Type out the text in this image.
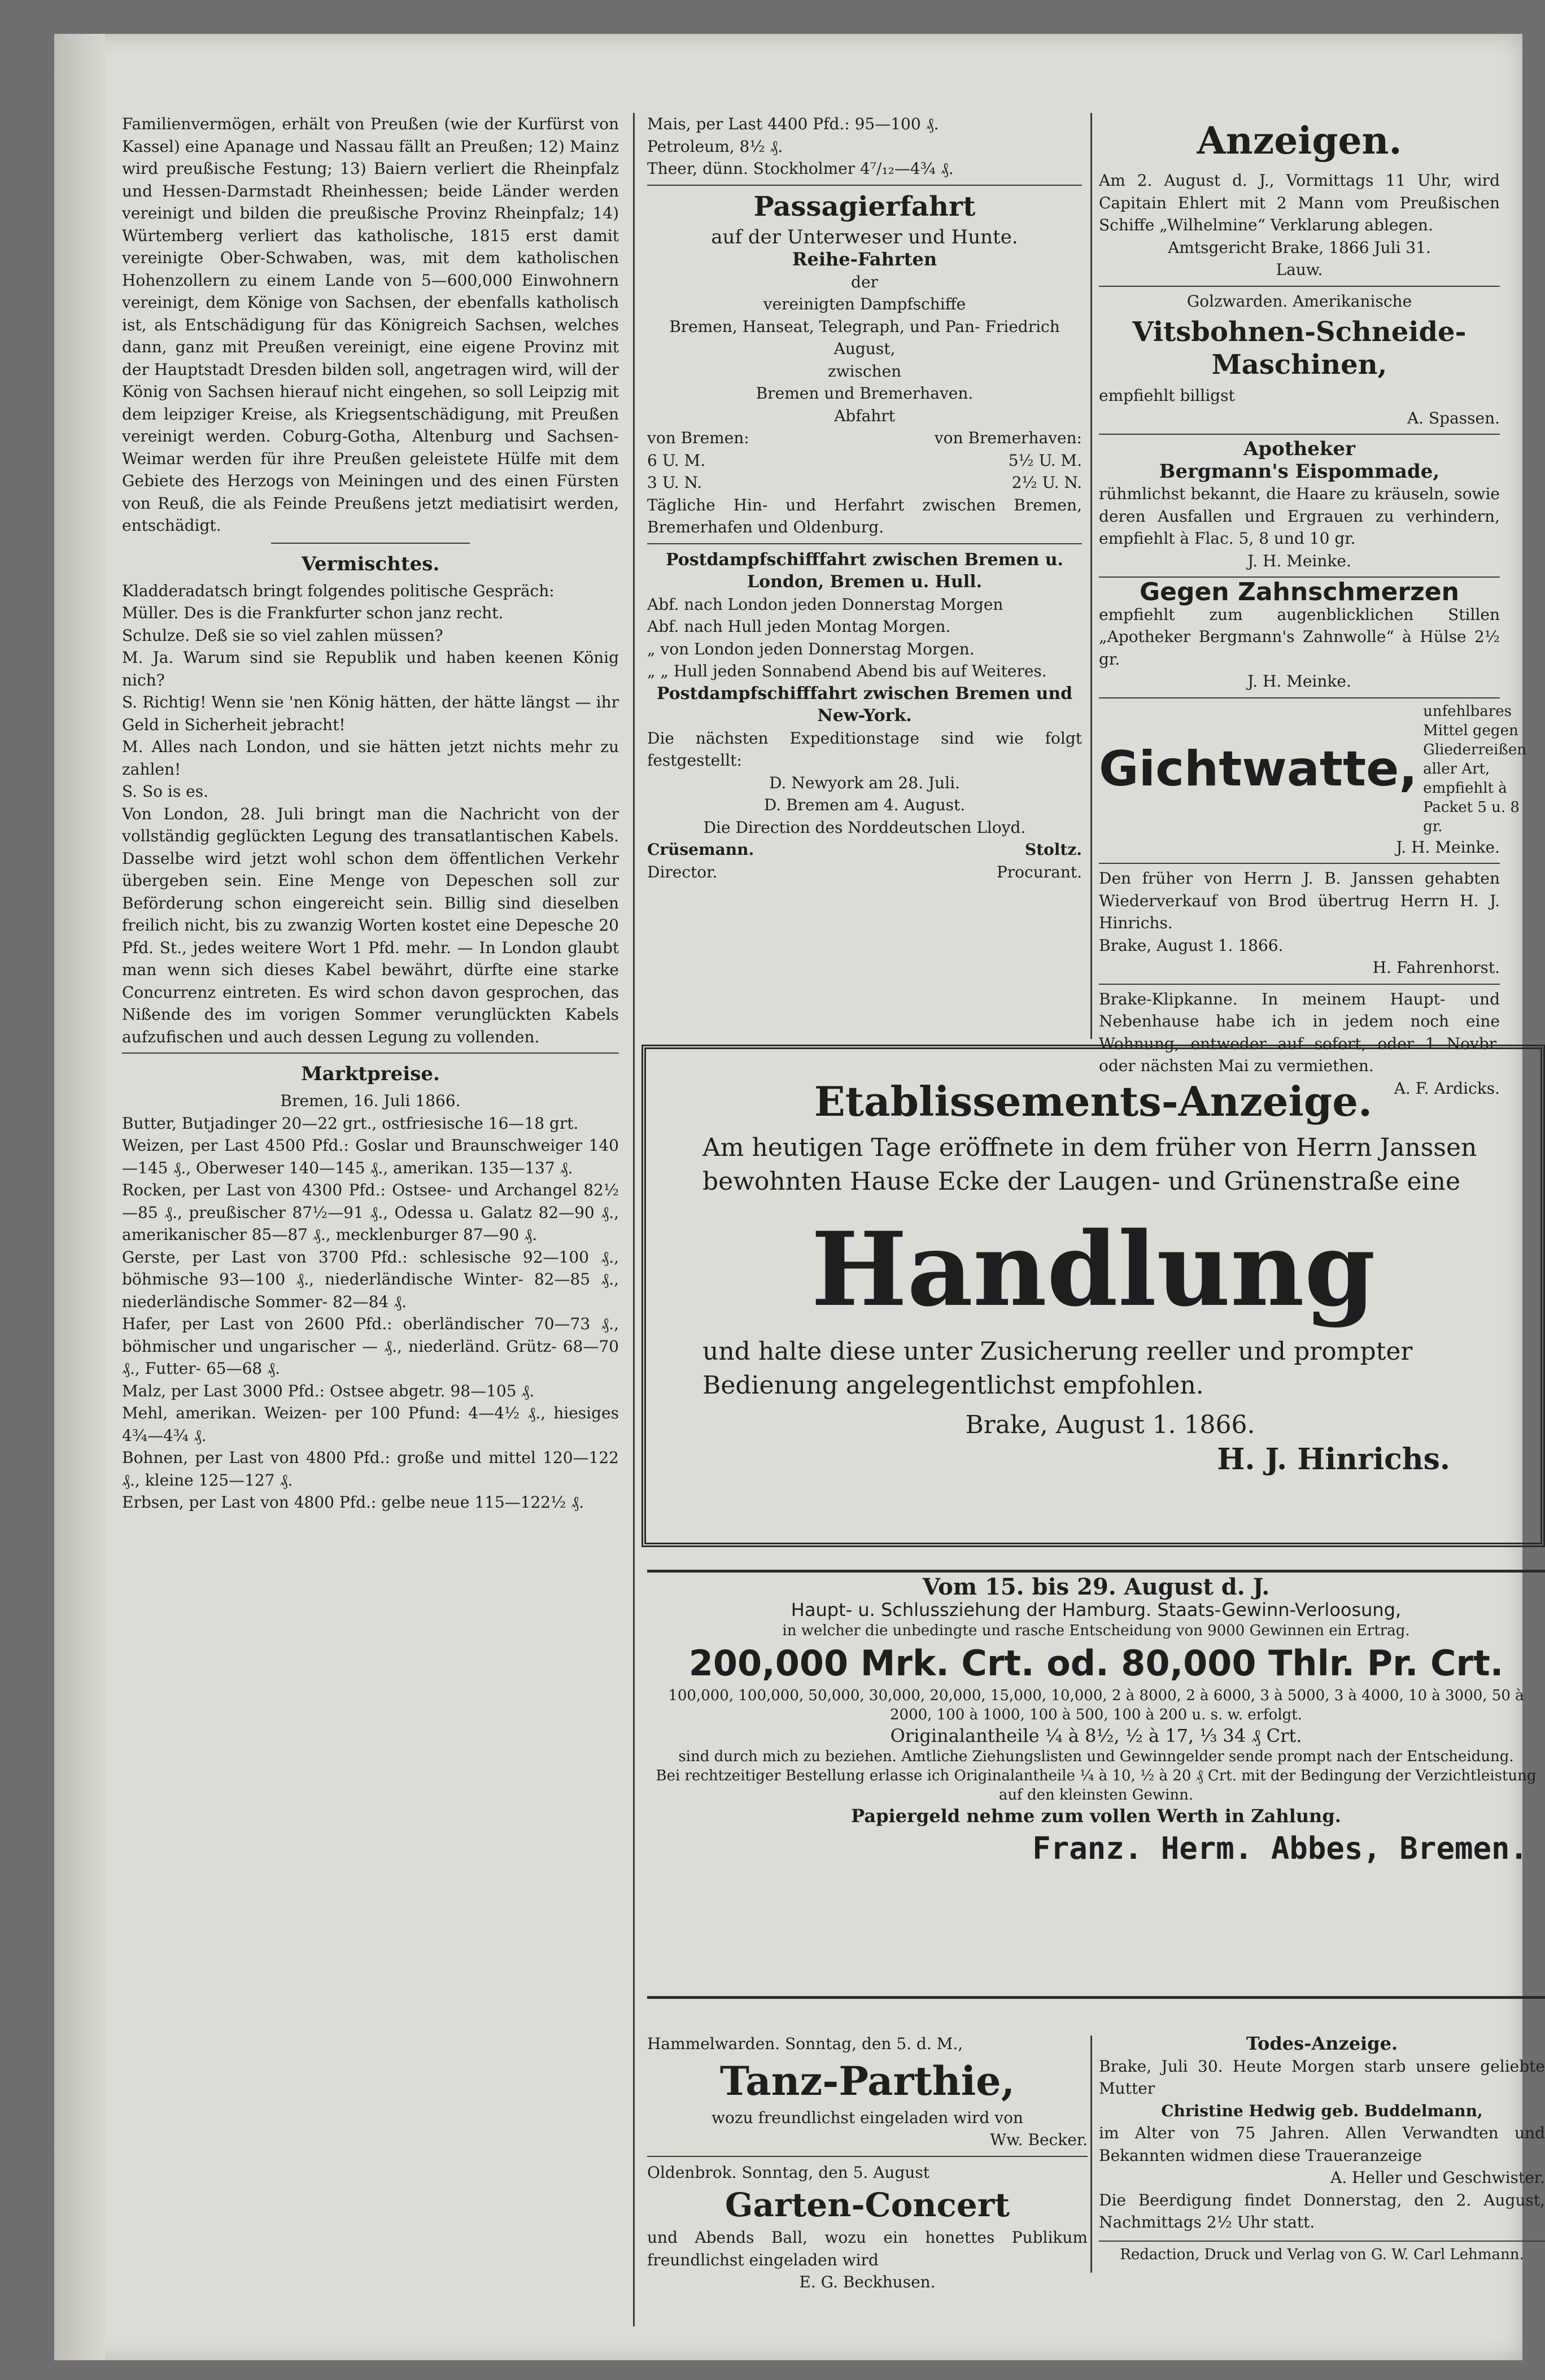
Familienvermögen, erhält von Preußen (wie der Kurfürst von Kassel) eine Apanage und Nassau fällt an Preußen; 12) Mainz wird preußische Festung; 13) Baiern verliert die Rheinpfalz und Hessen-Darmstadt Rheinhessen; beide Länder werden vereinigt und bilden die preußische Provinz Rheinpfalz; 14) Würtemberg verliert das katholische, 1815 erst damit vereinigte Ober-Schwaben, was, mit dem katholischen Hohenzollern zu einem Lande von 5—600,000 Einwohnern vereinigt, dem Könige von Sachsen, der ebenfalls katholisch ist, als Entschädigung für das Königreich Sachsen, welches dann, ganz mit Preußen vereinigt, eine eigene Provinz mit der Hauptstadt Dresden bilden soll, angetragen wird, will der König von Sachsen hierauf nicht eingehen, so soll Leipzig mit dem leipziger Kreise, als Kriegsentschädigung, mit Preußen vereinigt werden. Coburg-Gotha, Altenburg und Sachsen-Weimar werden für ihre Preußen geleistete Hülfe mit dem Gebiete des Herzogs von Meiningen und des einen Fürsten von Reuß, die als Feinde Preußens jetzt mediatisirt werden, entschädigt.

Vermischtes.

Kladderadatsch bringt folgendes politische Gespräch:

Müller. Des is die Frankfurter schon janz recht.

Schulze. Deß sie so viel zahlen müssen?

M. Ja. Warum sind sie Republik und haben keenen König nich?

S. Richtig! Wenn sie 'nen König hätten, der hätte längst — ihr Geld in Sicherheit jebracht!

M. Alles nach London, und sie hätten jetzt nichts mehr zu zahlen!

S. So is es.

Von London, 28. Juli bringt man die Nachricht von der vollständig geglückten Legung des transatlantischen Kabels. Dasselbe wird jetzt wohl schon dem öffentlichen Verkehr übergeben sein. Eine Menge von Depeschen soll zur Beförderung schon eingereicht sein. Billig sind dieselben freilich nicht, bis zu zwanzig Worten kostet eine Depesche 20 Pfd. St., jedes weitere Wort 1 Pfd. mehr. — In London glaubt man wenn sich dieses Kabel bewährt, dürfte eine starke Concurrenz eintreten. Es wird schon davon gesprochen, das Nißende des im vorigen Sommer verunglückten Kabels aufzufischen und auch dessen Legung zu vollenden.

Marktpreise.

Bremen, 16. Juli 1866.

Butter, Butjadinger 20—22 grt., ostfriesische 16—18 grt.

Weizen, per Last 4500 Pfd.: Goslar und Braunschweiger 140—145 ₰., Oberweser 140—145 ₰., amerikan. 135—137 ₰.

Rocken, per Last von 4300 Pfd.: Ostsee- und Archangel 82½—85 ₰., preußischer 87½—91 ₰., Odessa u. Galatz 82—90 ₰., amerikanischer 85—87 ₰., mecklenburger 87—90 ₰.

Gerste, per Last von 3700 Pfd.: schlesische 92—100 ₰., böhmische 93—100 ₰., niederländische Winter- 82—85 ₰., niederländische Sommer- 82—84 ₰.

Hafer, per Last von 2600 Pfd.: oberländischer 70—73 ₰., böhmischer und ungarischer — ₰., niederländ. Grütz- 68—70 ₰., Futter- 65—68 ₰.

Malz, per Last 3000 Pfd.: Ostsee abgetr. 98—105 ₰.

Mehl, amerikan. Weizen- per 100 Pfund: 4—4½ ₰., hiesiges 4¾—4¾ ₰.

Bohnen, per Last von 4800 Pfd.: große und mittel 120—122 ₰., kleine 125—127 ₰.

Erbsen, per Last von 4800 Pfd.: gelbe neue 115—122½ ₰.

Mais, per Last 4400 Pfd.: 95—100 ₰.

Petroleum, 8½ ₰.

Theer, dünn. Stockholmer 4⁷/₁₂—4¾ ₰.

Passagierfahrt

auf der Unterweser und Hunte.

Reihe-Fahrten

der

vereinigten Dampfschiffe

Bremen, Hanseat, Telegraph, und Pan- Friedrich August,

zwischen

Bremen und Bremerhaven.

Abfahrt

von Bremen:	von Bremerhaven:
6 U. M.	5½ U. M.
3 U. N.	2½ U. N.

Tägliche Hin- und Herfahrt zwischen Bremen, Bremerhafen und Oldenburg.

Postdampfschifffahrt zwischen Bremen u. London, Bremen u. Hull.

Abf. nach London jeden Donnerstag Morgen

Abf. nach Hull jeden Montag Morgen.

„ von London jeden Donnerstag Morgen.

„ „ Hull jeden Sonnabend Abend bis auf Weiteres.

Postdampfschifffahrt zwischen Bremen und New-York.

Die nächsten Expeditionstage sind wie folgt festgestellt:

D. Newyork am 28. Juli.

D. Bremen am 4. August.

Die Direction des Norddeutschen Lloyd.

Crüsemann.	Stoltz.
Director.	Procurant.
Anzeigen.

Am 2. August d. J., Vormittags 11 Uhr, wird Capitain Ehlert mit 2 Mann vom Preußischen Schiffe „Wilhelmine“ Verklarung ablegen.

Amtsgericht Brake, 1866 Juli 31.

Lauw.

Golzwarden. Amerikanische

Vitsbohnen-Schneide-Maschinen,

empfiehlt billigst

A. Spassen.

Apotheker

Bergmann's Eispommade,

rühmlichst bekannt, die Haare zu kräuseln, sowie deren Ausfallen und Ergrauen zu verhindern, empfiehlt à Flac. 5, 8 und 10 gr.

J. H. Meinke.

Gegen Zahnschmerzen

empfiehlt zum augenblicklichen Stillen „Apotheker Bergmann's Zahnwolle“ à Hülse 2½ gr.

J. H. Meinke.

Gichtwatte,
unfehlbares Mittel gegen Gliederreißen aller Art, empfiehlt à Packet 5 u. 8 gr.

J. H. Meinke.

Den früher von Herrn J. B. Janssen gehabten Wiederverkauf von Brod übertrug Herrn H. J. Hinrichs.

Brake, August 1. 1866.

H. Fahrenhorst.

Brake-Klipkanne. In meinem Haupt- und Nebenhause habe ich in jedem noch eine Wohnung, entweder auf sofort, oder 1 Novbr. oder nächsten Mai zu vermiethen.

A. F. Ardicks.

Etablissements-Anzeige.

Am heutigen Tage eröffnete in dem früher von Herrn Janssen bewohnten Hause Ecke der Laugen- und Grünenstraße eine

Handlung

und halte diese unter Zusicherung reeller und prompter Bedienung angelegentlichst empfohlen.

Brake, August 1. 1866.

H. J. Hinrichs.

Vom 15. bis 29. August d. J.

Haupt- u. Schlussziehung der Hamburg. Staats-Gewinn-Verloosung,

in welcher die unbedingte und rasche Entscheidung von 9000 Gewinnen ein Ertrag.

200,000 Mrk. Crt. od. 80,000 Thlr. Pr. Crt.

100,000, 100,000, 50,000, 30,000, 20,000, 15,000, 10,000, 2 à 8000, 2 à 6000, 3 à 5000, 3 à 4000, 10 à 3000, 50 à 2000, 100 à 1000, 100 à 500, 100 à 200 u. s. w. erfolgt.

Originalantheile ¼ à 8½, ½ à 17, ⅓ 34 ₰ Crt.

sind durch mich zu beziehen. Amtliche Ziehungslisten und Gewinngelder sende prompt nach der Entscheidung.

Bei rechtzeitiger Bestellung erlasse ich Originalantheile ¼ à 10, ½ à 20 ₰ Crt. mit der Bedingung der Verzichtleistung auf den kleinsten Gewinn.

Papiergeld nehme zum vollen Werth in Zahlung.

Franz. Herm. Abbes, Bremen.

Hammelwarden. Sonntag, den 5. d. M.,

Tanz-Parthie,

wozu freundlichst eingeladen wird von

Ww. Becker.

Oldenbrok. Sonntag, den 5. August

Garten-Concert

und Abends Ball, wozu ein honettes Publikum freundlichst eingeladen wird

E. G. Beckhusen.

Todes-Anzeige.

Brake, Juli 30. Heute Morgen starb unsere geliebte Mutter

Christine Hedwig geb. Buddelmann,

im Alter von 75 Jahren. Allen Verwandten und Bekannten widmen diese Traueranzeige

A. Heller und Geschwister.

Die Beerdigung findet Donnerstag, den 2. August, Nachmittags 2½ Uhr statt.

Redaction, Druck und Verlag von G. W. Carl Lehmann.
